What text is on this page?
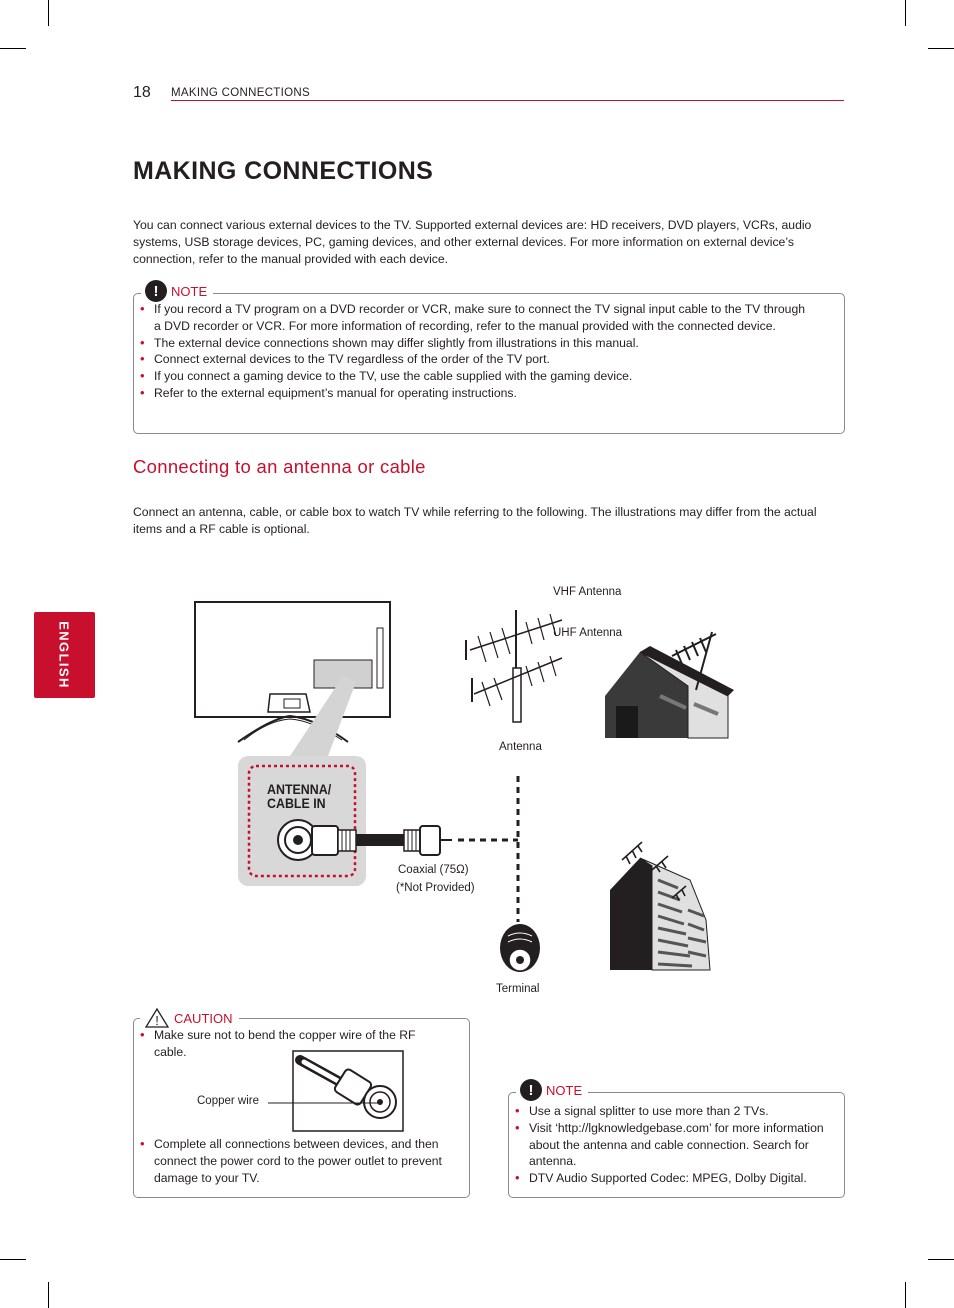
18 MAKING CONNECTIONS
ENGLISH
MAKING CONNECTIONS
You can connect various external devices to the TV. Supported external devices are: HD receivers, DVD players, VCRs, audio systems, USB storage devices, PC, gaming devices, and other external devices. For more information on external device’s connection, refer to the manual provided with each device.
! NOTE
• If you record a TV program on a DVD recorder or VCR, make sure to connect the TV signal input cable to the TV through a DVD recorder or VCR. For more information of recording, refer to the manual provided with the connected device.
• The external device connections shown may differ slightly from illustrations in this manual.
• Connect external devices to the TV regardless of the order of the TV port.
• If you connect a gaming device to the TV, use the cable supplied with the gaming device.
• Refer to the external equipment’s manual for operating instructions.
Connecting to an antenna or cable
Connect an antenna, cable, or cable box to watch TV while referring to the following. The illustrations may differ from the actual items and a RF cable is optional.
ANTENNA/
CABLE IN
VHF Antenna
UHF Antenna
Antenna
Coaxial (75Ω)
(*Not Provided)
Terminal
! CAUTION
• Make sure not to bend the copper wire of the RF cable.
Copper wire
• Complete all connections between devices, and then connect the power cord to the power outlet to prevent damage to your TV.
! NOTE
• Use a signal splitter to use more than 2 TVs.
• Visit ‘http://lgknowledgebase.com’ for more information about the antenna and cable connection. Search for antenna.
• DTV Audio Supported Codec: MPEG, Dolby Digital.
